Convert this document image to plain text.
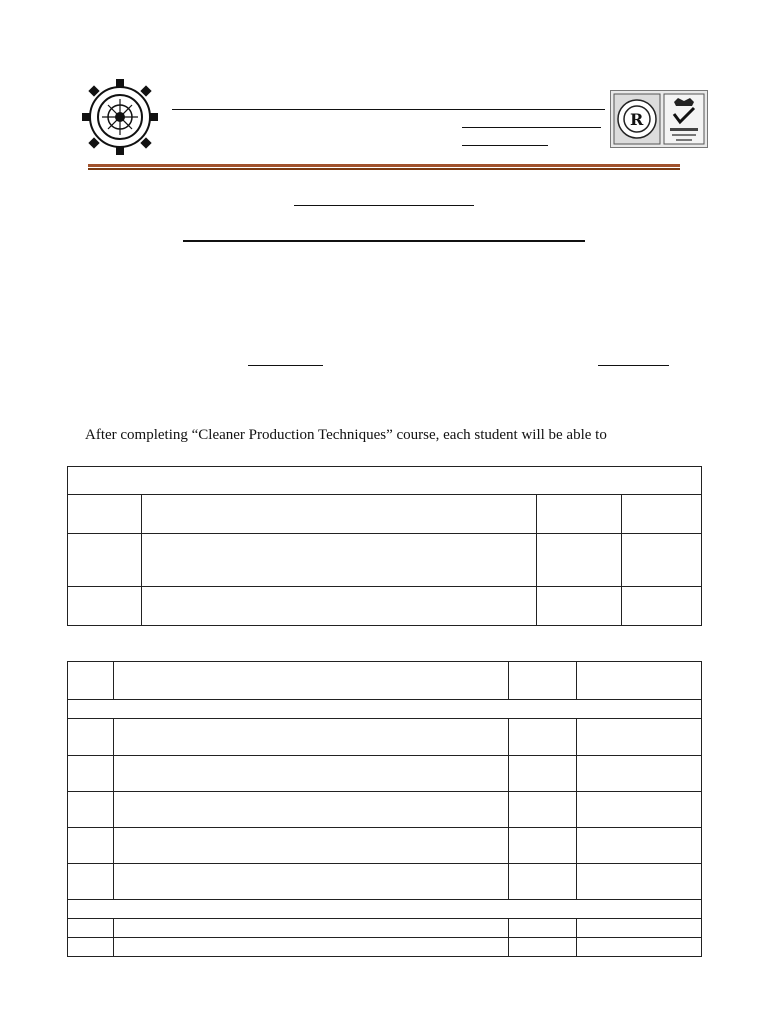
R
After completing “Cleaner Production Techniques” course, each student will be able to
